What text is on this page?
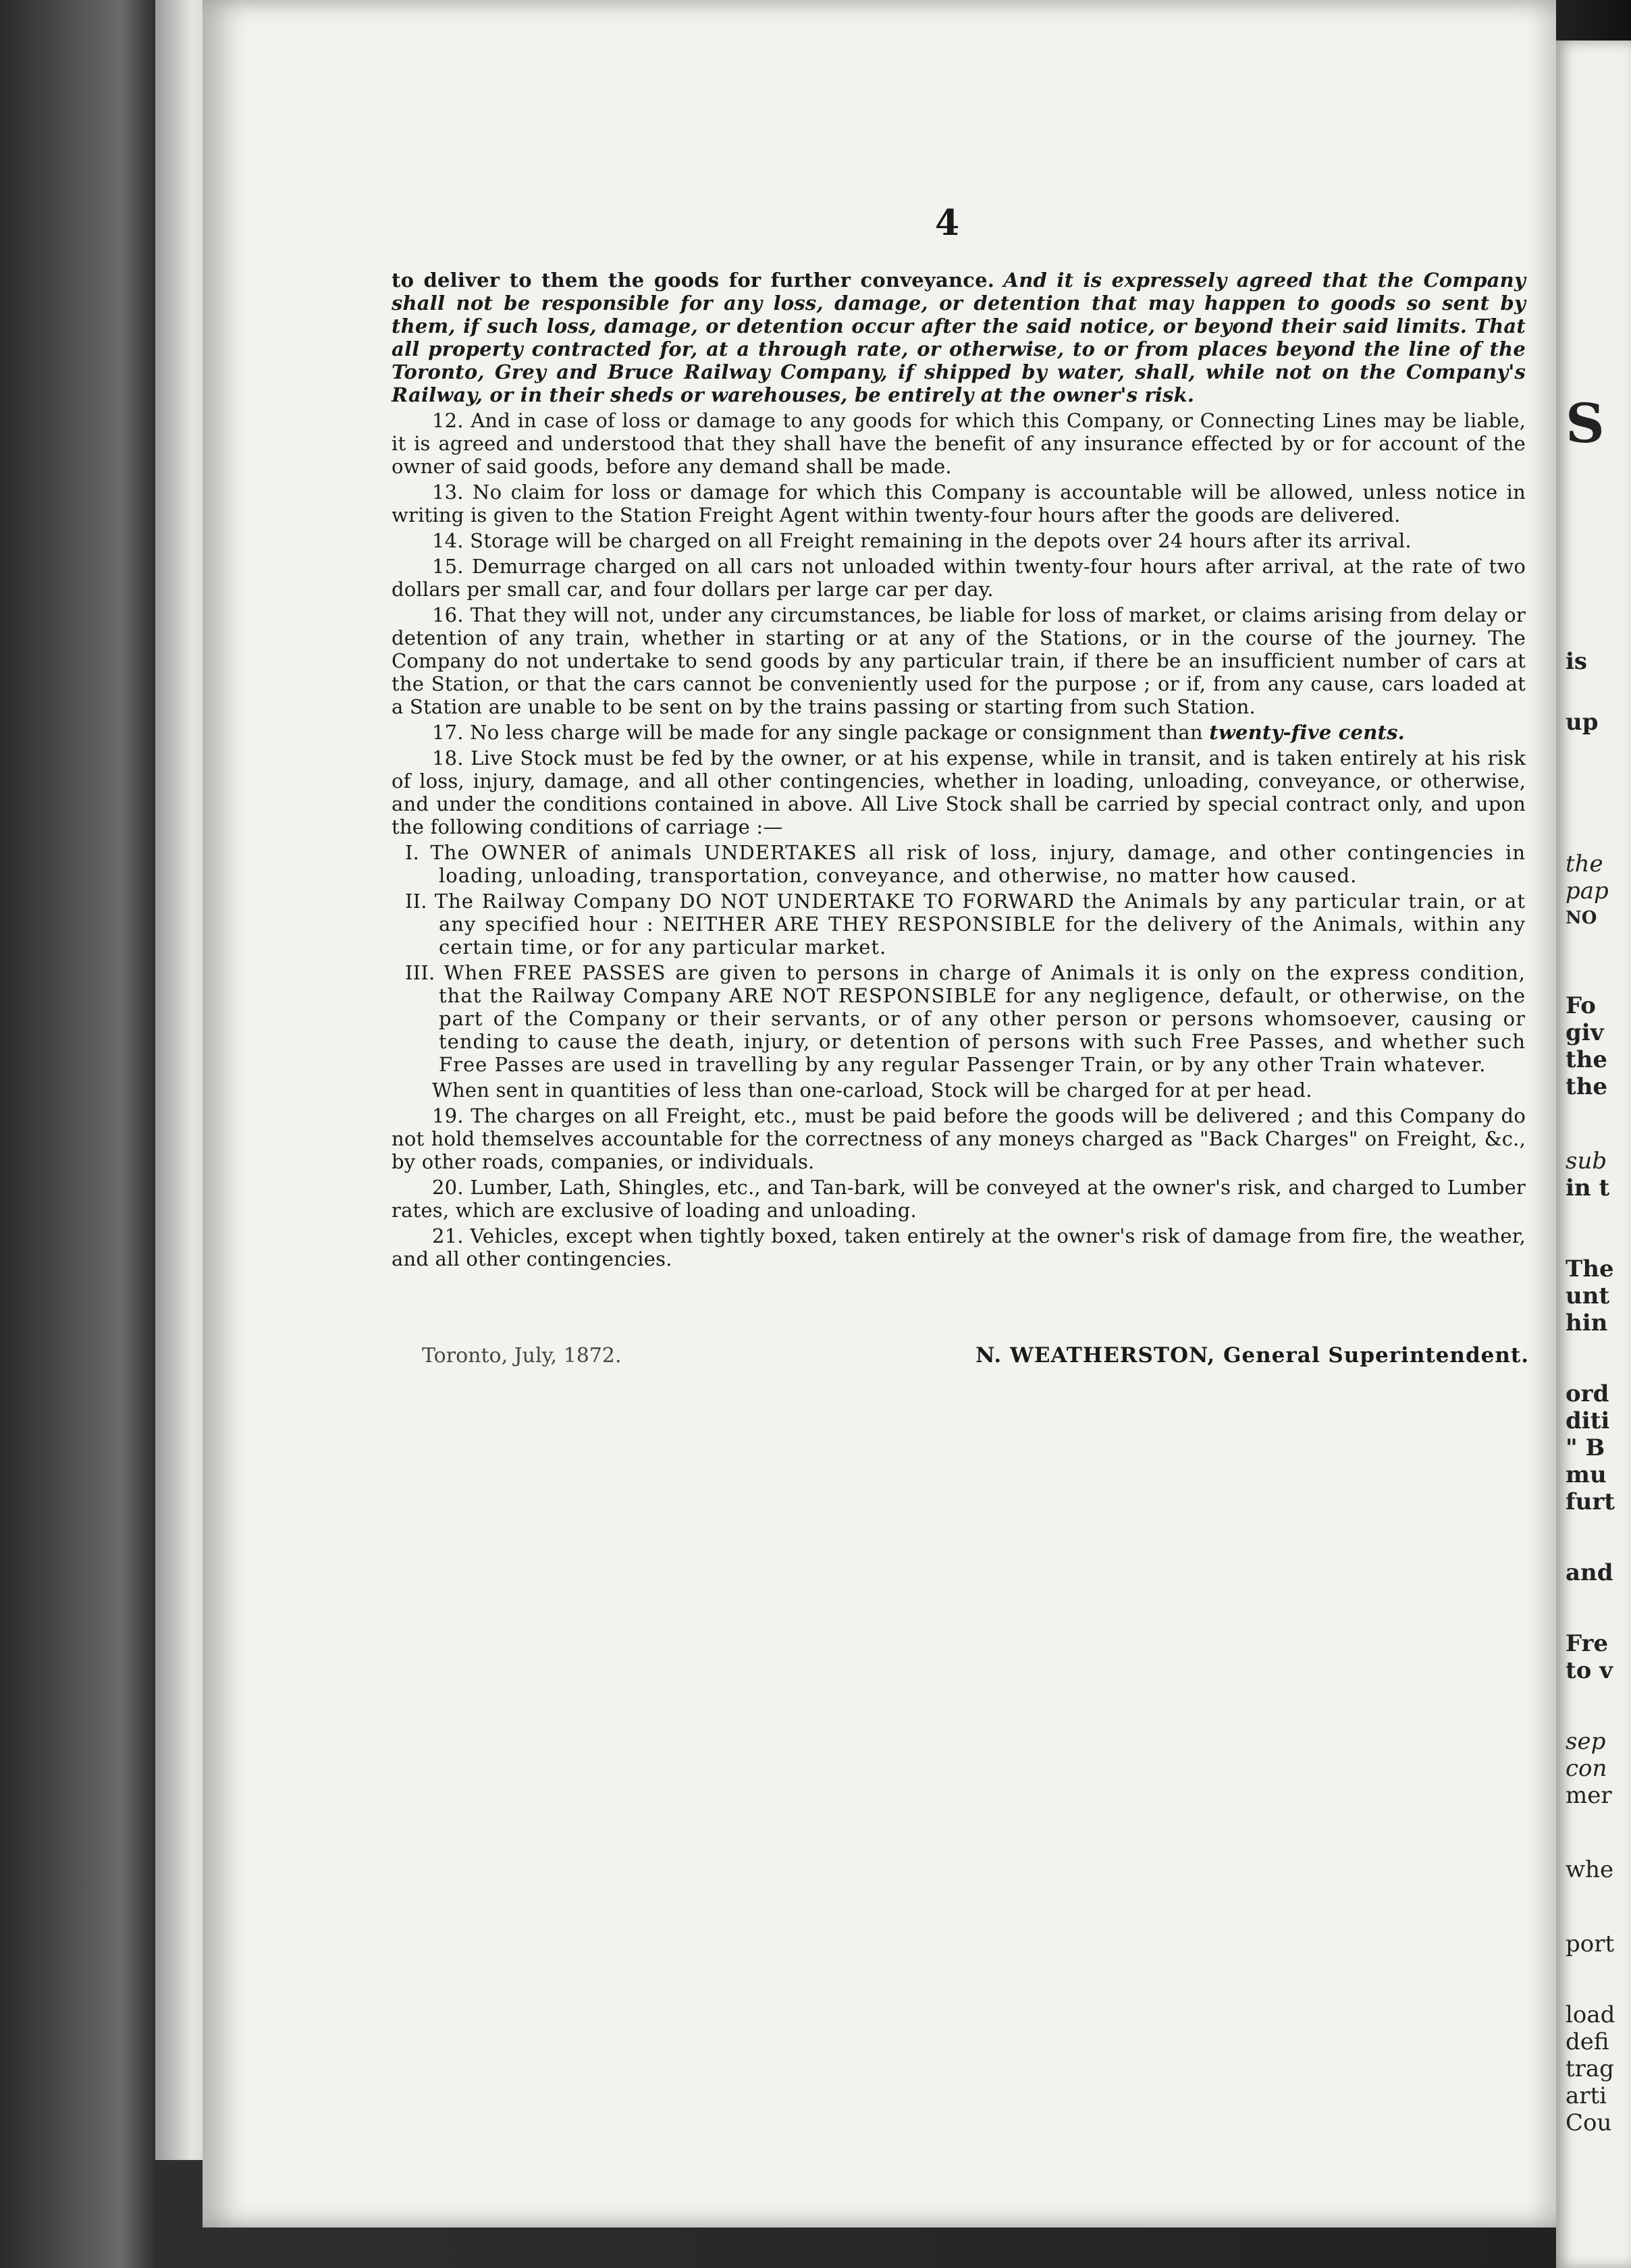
4

to deliver to them the goods for further conveyance. And it is expressely agreed that the Company shall not be responsible for any loss, damage, or detention that may happen to goods so sent by them, if such loss, damage, or detention occur after the said notice, or beyond their said limits. That all property contracted for, at a through rate, or otherwise, to or from places beyond the line of the Toronto, Grey and Bruce Railway Company, if shipped by water, shall, while not on the Company's Railway, or in their sheds or warehouses, be entirely at the owner's risk.

12. And in case of loss or damage to any goods for which this Company, or Connecting Lines may be liable, it is agreed and understood that they shall have the benefit of any insurance effected by or for account of the owner of said goods, before any demand shall be made.

13. No claim for loss or damage for which this Company is accountable will be allowed, unless notice in writing is given to the Station Freight Agent within twenty-four hours after the goods are delivered.

14. Storage will be charged on all Freight remaining in the depots over 24 hours after its arrival.

15. Demurrage charged on all cars not unloaded within twenty-four hours after arrival, at the rate of two dollars per small car, and four dollars per large car per day.

16. That they will not, under any circumstances, be liable for loss of market, or claims arising from delay or detention of any train, whether in starting or at any of the Stations, or in the course of the journey. The Company do not undertake to send goods by any particular train, if there be an insufficient number of cars at the Station, or that the cars cannot be conveniently used for the purpose ; or if, from any cause, cars loaded at a Station are unable to be sent on by the trains passing or starting from such Station.

17. No less charge will be made for any single package or consignment than twenty-five cents.

18. Live Stock must be fed by the owner, or at his expense, while in transit, and is taken entirely at his risk of loss, injury, damage, and all other contingencies, whether in loading, unloading, conveyance, or otherwise, and under the conditions contained in above. All Live Stock shall be carried by special contract only, and upon the following conditions of carriage :—

I. The OWNER of animals UNDERTAKES all risk of loss, injury, damage, and other contingencies in loading, unloading, transportation, conveyance, and otherwise, no matter how caused.

II. The Railway Company DO NOT UNDERTAKE TO FORWARD the Animals by any particular train, or at any specified hour : NEITHER ARE THEY RESPONSIBLE for the delivery of the Animals, within any certain time, or for any particular market.

III. When FREE PASSES are given to persons in charge of Animals it is only on the express condition, that the Railway Company ARE NOT RESPONSIBLE for any negligence, default, or otherwise, on the part of the Company or their servants, or of any other person or persons whomsoever, causing or tending to cause the death, injury, or detention of persons with such Free Passes, and whether such Free Passes are used in travelling by any regular Passenger Train, or by any other Train whatever.

When sent in quantities of less than one-carload, Stock will be charged for at per head.

19. The charges on all Freight, etc., must be paid before the goods will be delivered ; and this Company do not hold themselves accountable for the correctness of any moneys charged as "Back Charges" on Freight, &c., by other roads, companies, or individuals.

20. Lumber, Lath, Shingles, etc., and Tan-bark, will be conveyed at the owner's risk, and charged to Lumber rates, which are exclusive of loading and unloading.

21. Vehicles, except when tightly boxed, taken entirely at the owner's risk of damage from fire, the weather, and all other contingencies.

Toronto, July, 1872.	N. WEATHERSTON, General Superintendent.
S
is
up
the
pap
NO
Fo
giv
the
the
sub
in t
The
unt
hin
ord
diti
" B
mu
furt
and
Fre
to v
sep
con
mer
whe
port
load
defi
trag
arti
Cou
